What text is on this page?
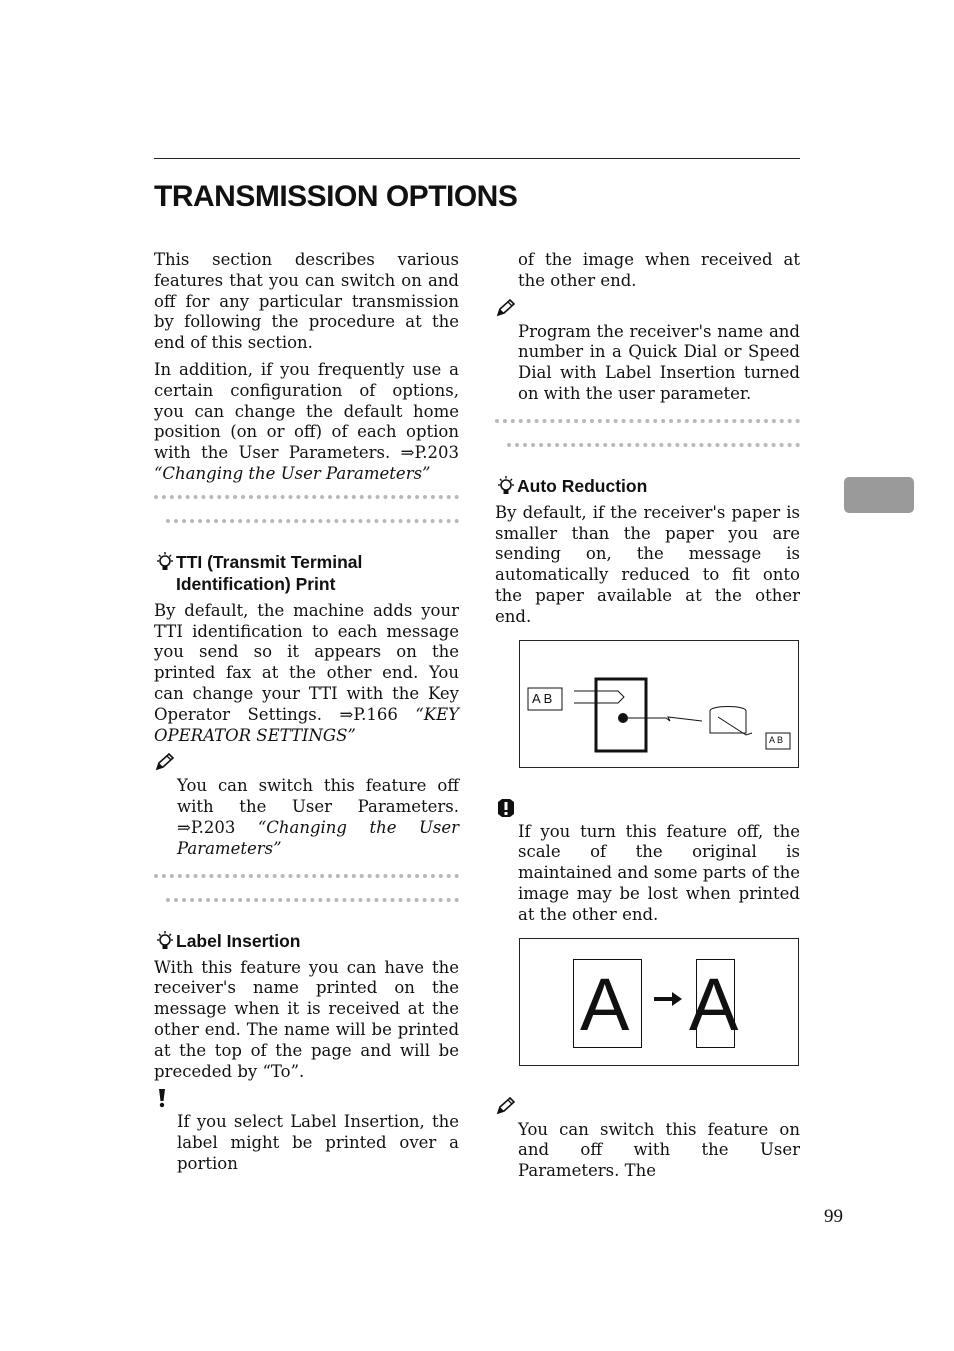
TRANSMISSION OPTIONS

This section describes various features that you can switch on and off for any particular transmission by following the procedure at the end of this section.

In addition, if you frequently use a certain configuration of options, you can change the default home position (on or off) of each option with the User Parameters. ⇒P.203 “Changing the User Parameters”

TTI (Transmit Terminal Identification) Print

By default, the machine adds your TTI identification to each message you send so it appears on the printed fax at the other end. You can change your TTI with the Key Operator Settings. ⇒P.166 “KEY OPERATOR SETTINGS”

You can switch this feature off with the User Parameters. ⇒P.203 “Changing the User Parameters”

Label Insertion

With this feature you can have the receiver's name printed on the message when it is received at the other end. The name will be printed at the top of the page and will be preceded by “To”.

If you select Label Insertion, the label might be printed over a portion

of the image when received at the other end.

Program the receiver's name and number in a Quick Dial or Speed Dial with Label Insertion turned on with the user parameter.

Auto Reduction

By default, if the receiver's paper is smaller than the paper you are sending on, the message is automatically reduced to fit onto the paper available at the other end.

A B
A B

If you turn this feature off, the scale of the original is maintained and some parts of the image may be lost when printed at the other end.

A A

You can switch this feature on and off with the User Parameters. The

99
